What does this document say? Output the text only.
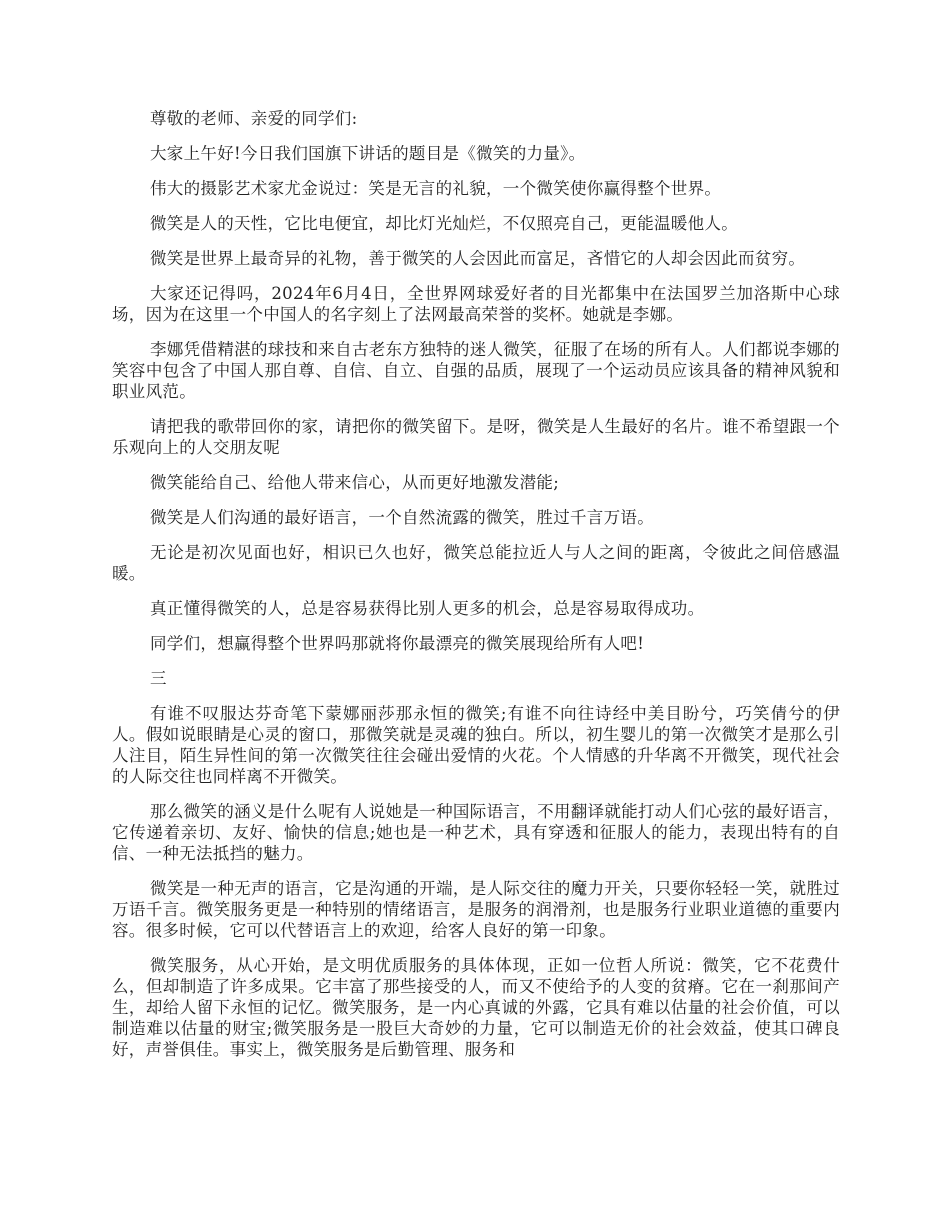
尊敬的老师、亲爱的同学们:

大家上午好!今日我们国旗下讲话的题目是《微笑的力量》。

伟大的摄影艺术家尤金说过：笑是无言的礼貌，一个微笑使你赢得整个世界。

微笑是人的天性，它比电便宜，却比灯光灿烂，不仅照亮自己，更能温暖他人。

微笑是世界上最奇异的礼物，善于微笑的人会因此而富足，吝惜它的人却会因此而贫穷。

大家还记得吗，2024年6月4日，全世界网球爱好者的目光都集中在法国罗兰加洛斯中心球场，因为在这里一个中国人的名字刻上了法网最高荣誉的奖杯。她就是李娜。

李娜凭借精湛的球技和来自古老东方独特的迷人微笑，征服了在场的所有人。人们都说李娜的笑容中包含了中国人那自尊、自信、自立、自强的品质，展现了一个运动员应该具备的精神风貌和职业风范。

请把我的歌带回你的家，请把你的微笑留下。是呀，微笑是人生最好的名片。谁不希望跟一个乐观向上的人交朋友呢

微笑能给自己、给他人带来信心，从而更好地激发潜能;

微笑是人们沟通的最好语言，一个自然流露的微笑，胜过千言万语。

无论是初次见面也好，相识已久也好，微笑总能拉近人与人之间的距离，令彼此之间倍感温暖。

真正懂得微笑的人，总是容易获得比别人更多的机会，总是容易取得成功。

同学们，想赢得整个世界吗那就将你最漂亮的微笑展现给所有人吧!

三

有谁不叹服达芬奇笔下蒙娜丽莎那永恒的微笑;有谁不向往诗经中美目盼兮，巧笑倩兮的伊人。假如说眼睛是心灵的窗口，那微笑就是灵魂的独白。所以，初生婴儿的第一次微笑才是那么引人注目，陌生异性间的第一次微笑往往会碰出爱情的火花。个人情感的升华离不开微笑，现代社会的人际交往也同样离不开微笑。

那么微笑的涵义是什么呢有人说她是一种国际语言，不用翻译就能打动人们心弦的最好语言，它传递着亲切、友好、愉快的信息;她也是一种艺术，具有穿透和征服人的能力，表现出特有的自信、一种无法抵挡的魅力。

微笑是一种无声的语言，它是沟通的开端，是人际交往的魔力开关，只要你轻轻一笑，就胜过万语千言。微笑服务更是一种特别的情绪语言，是服务的润滑剂，也是服务行业职业道德的重要内容。很多时候，它可以代替语言上的欢迎，给客人良好的第一印象。

微笑服务，从心开始，是文明优质服务的具体体现，正如一位哲人所说：微笑，它不花费什么，但却制造了许多成果。它丰富了那些接受的人，而又不使给予的人变的贫瘠。它在一刹那间产生，却给人留下永恒的记忆。微笑服务，是一内心真诚的外露，它具有难以估量的社会价值，可以制造难以估量的财宝;微笑服务是一股巨大奇妙的力量，它可以制造无价的社会效益，使其口碑良好，声誉俱佳。事实上，微笑服务是后勤管理、服务和
